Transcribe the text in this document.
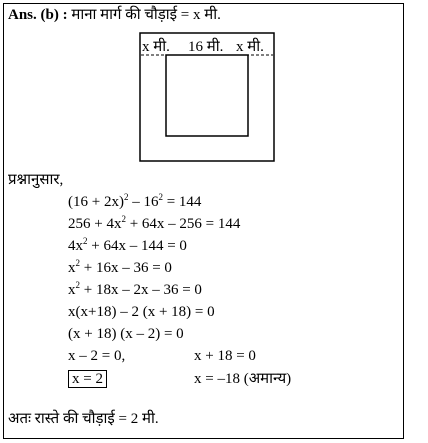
Ans. (b) : माना मार्ग की चौड़ाई = x मी.
x मी. 16 मी. x मी.
प्रश्नानुसार,
$(16 + 2x)^2 - 16^2 = 144$
$256 + 4x^2 + 64x - 256 = 144$
$4x^2 + 64x - 144 = 0$
$x^2 + 16x - 36 = 0$
$x^2 + 18x - 2x - 36 = 0$
x(x+18) – 2 (x + 18) = 0
(x + 18) (x – 2) = 0
x – 2 = 0,	x + 18 = 0
x = 2	x = –18 (अमान्य)
अतः रास्ते की चौड़ाई = 2 मी.
